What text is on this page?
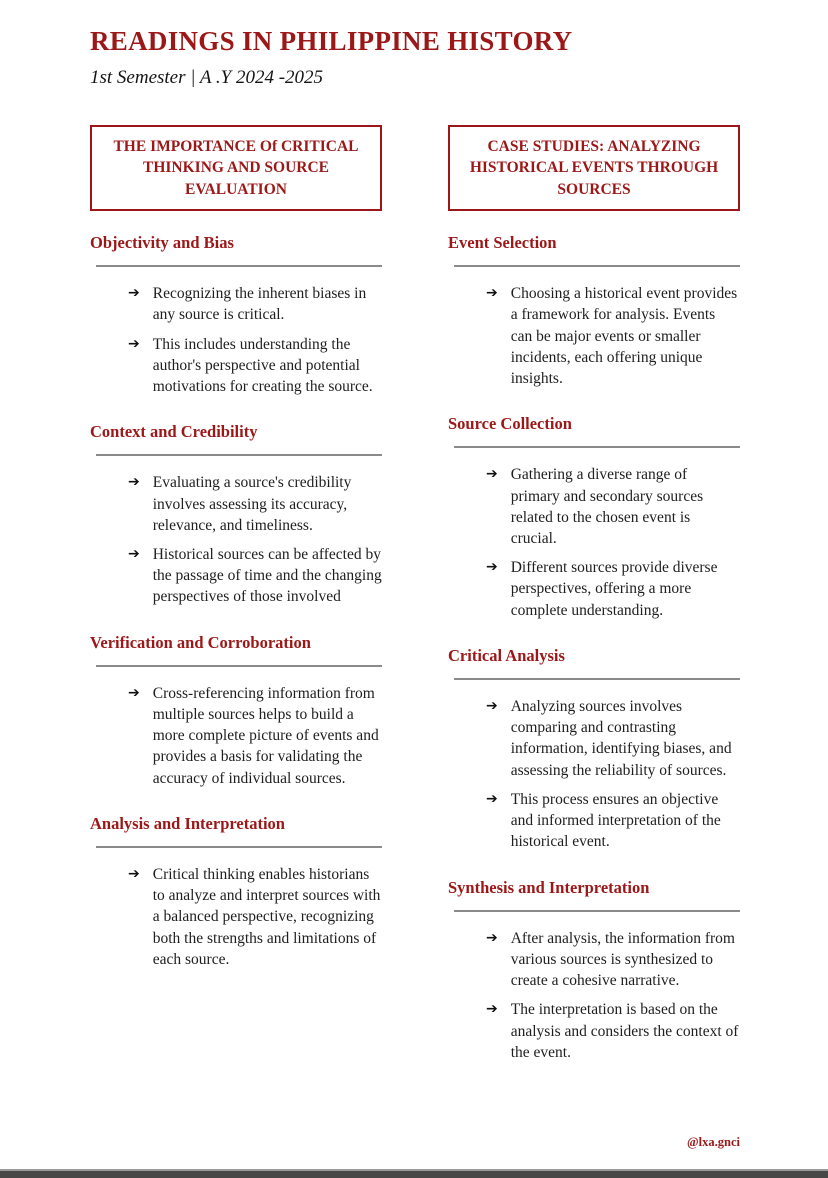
READINGS IN PHILIPPINE HISTORY
1st Semester | A .Y 2024 -2025
THE IMPORTANCE Of CRITICAL THINKING AND SOURCE EVALUATION
Objectivity and Bias
➔ Recognizing the inherent biases in any source is critical.
➔ This includes understanding the author's perspective and potential motivations for creating the source.
Context and Credibility
➔ Evaluating a source's credibility involves assessing its accuracy, relevance, and timeliness.
➔ Historical sources can be affected by the passage of time and the changing perspectives of those involved
Verification and Corroboration
➔ Cross-referencing information from multiple sources helps to build a more complete picture of events and provides a basis for validating the accuracy of individual sources.
Analysis and Interpretation
➔ Critical thinking enables historians to analyze and interpret sources with a balanced perspective, recognizing both the strengths and limitations of each source.
CASE STUDIES: ANALYZING HISTORICAL EVENTS THROUGH SOURCES
Event Selection
➔ Choosing a historical event provides a framework for analysis. Events can be major events or smaller incidents, each offering unique insights.
Source Collection
➔ Gathering a diverse range of primary and secondary sources related to the chosen event is crucial.
➔ Different sources provide diverse perspectives, offering a more complete understanding.
Critical Analysis
➔ Analyzing sources involves comparing and contrasting information, identifying biases, and assessing the reliability of sources.
➔ This process ensures an objective and informed interpretation of the historical event.
Synthesis and Interpretation
➔ After analysis, the information from various sources is synthesized to create a cohesive narrative.
➔ The interpretation is based on the analysis and considers the context of the event.
@lxa.gnci
